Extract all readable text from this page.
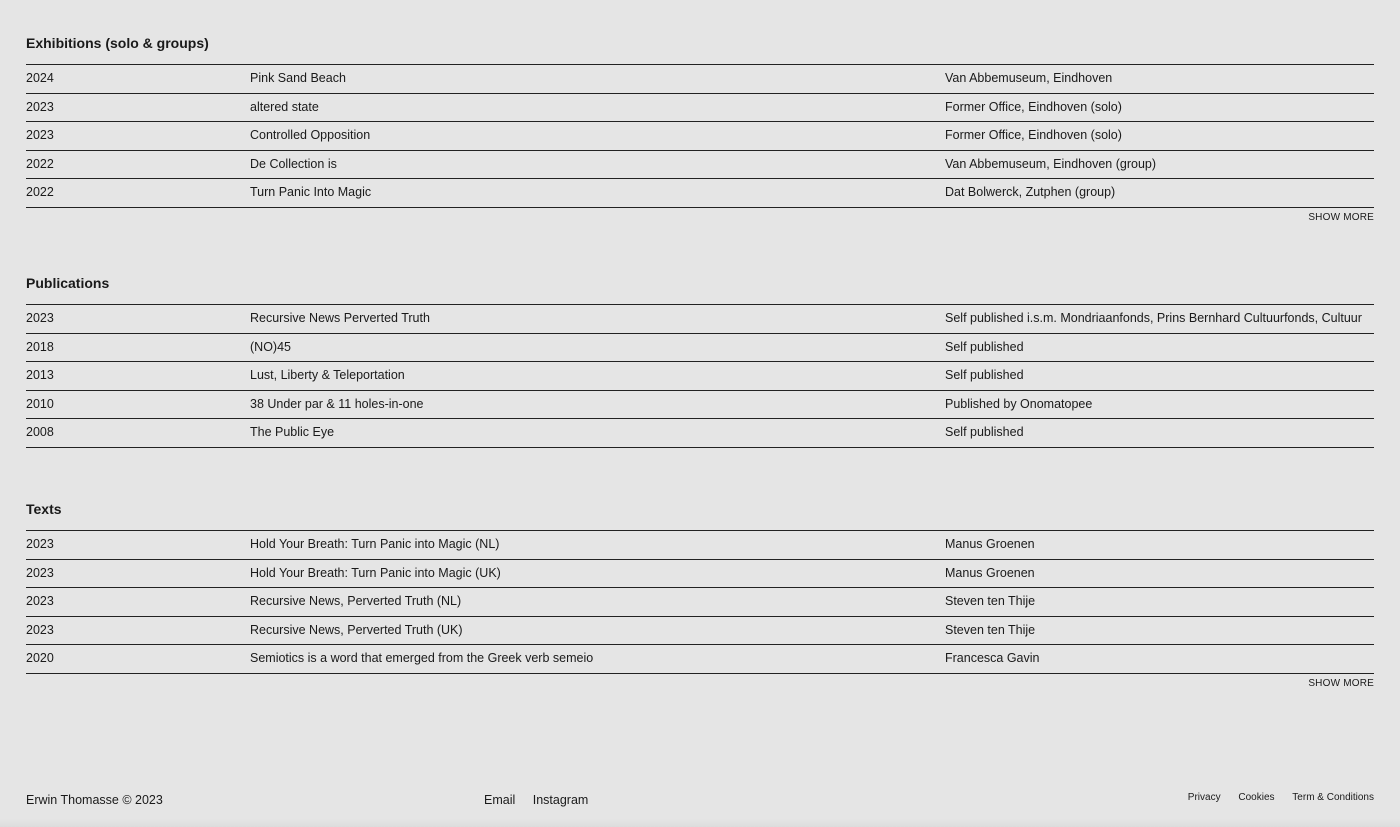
Exhibitions (solo & groups)
2024	Pink Sand Beach	Van Abbemuseum, Eindhoven
2023	altered state	Former Office, Eindhoven (solo)
2023	Controlled Opposition	Former Office, Eindhoven (solo)
2022	De Collection is	Van Abbemuseum, Eindhoven (group)
2022	Turn Panic Into Magic	Dat Bolwerck, Zutphen (group)
SHOW MORE
Publications
2023	Recursive News Perverted Truth	Self published i.s.m. Mondriaanfonds, Prins Bernhard Cultuurfonds, Cultuur
2018	(NO)45	Self published
2013	Lust, Liberty & Teleportation	Self published
2010	38 Under par & 11 holes-in-one	Published by Onomatopee
2008	The Public Eye	Self published
Texts
2023	Hold Your Breath: Turn Panic into Magic (NL)	Manus Groenen
2023	Hold Your Breath: Turn Panic into Magic (UK)	Manus Groenen
2023	Recursive News, Perverted Truth (NL)	Steven ten Thije
2023	Recursive News, Perverted Truth (UK)	Steven ten Thije
2020	Semiotics is a word that emerged from the Greek verb semeio	Francesca Gavin
SHOW MORE
Erwin Thomasse © 2023	Email Instagram	Privacy Cookies Term & Conditions
